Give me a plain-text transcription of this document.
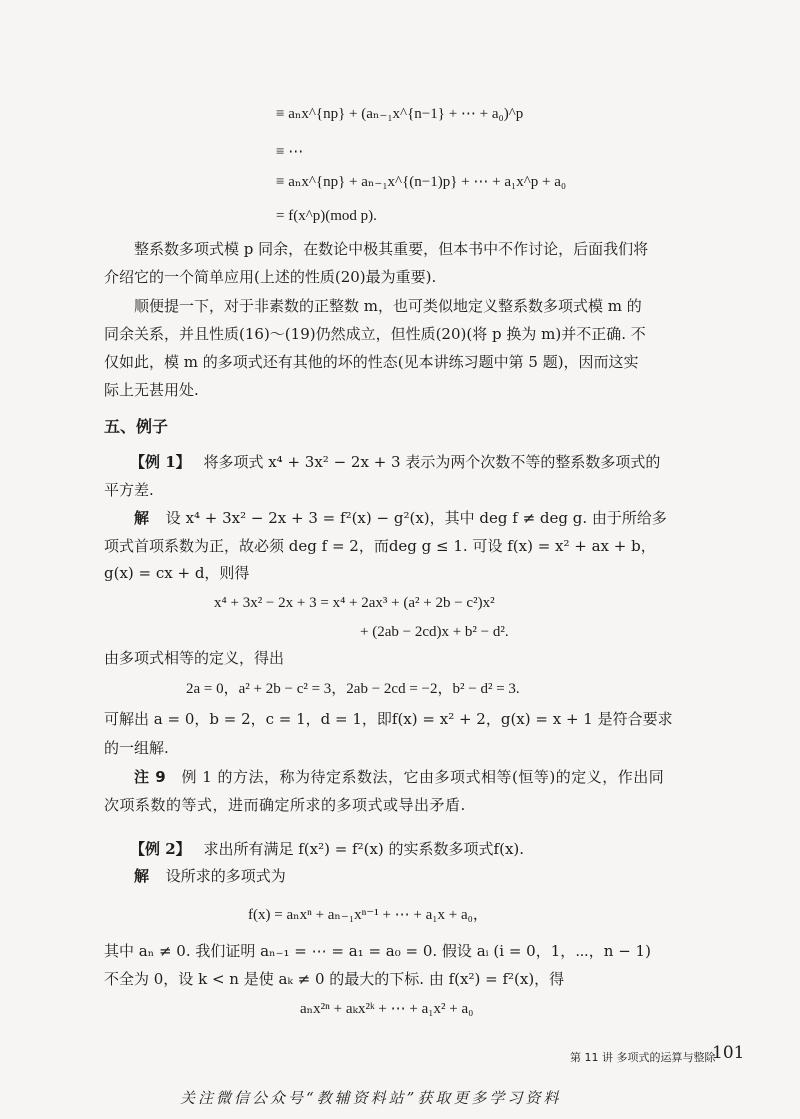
≡ aₙx^{np} + (aₙ₋₁x^{n−1} + ⋯ + a₀)^p
≡ ⋯
≡ aₙx^{np} + aₙ₋₁x^{(n−1)p} + ⋯ + a₁x^p + a₀
= f(x^p)(mod p).
整系数多项式模 p 同余，在数论中极其重要，但本书中不作讨论，后面我们将
介绍它的一个简单应用(上述的性质(20)最为重要).
顺便提一下，对于非素数的正整数 m，也可类似地定义整系数多项式模 m 的
同余关系，并且性质(16)～(19)仍然成立，但性质(20)(将 p 换为 m)并不正确. 不
仅如此，模 m 的多项式还有其他的坏的性态(见本讲练习题中第 5 题)，因而这实
际上无甚用处.
五、例子
【例 1】 将多项式 x⁴ + 3x² − 2x + 3 表示为两个次数不等的整系数多项式的
平方差.
解 设 x⁴ + 3x² − 2x + 3 = f²(x) − g²(x)，其中 deg f ≠ deg g. 由于所给多
项式首项系数为正，故必须 deg f = 2，而deg g ≤ 1. 可设 f(x) = x² + ax + b，
g(x) = cx + d，则得
x⁴ + 3x² − 2x + 3 = x⁴ + 2ax³ + (a² + 2b − c²)x²
+ (2ab − 2cd)x + b² − d².
由多项式相等的定义，得出
2a = 0，a² + 2b − c² = 3，2ab − 2cd = −2，b² − d² = 3.
可解出 a = 0，b = 2，c = 1，d = 1，即f(x) = x² + 2，g(x) = x + 1 是符合要求
的一组解.
注 9 例 1 的方法，称为待定系数法，它由多项式相等(恒等)的定义，作出同
次项系数的等式，进而确定所求的多项式或导出矛盾.
【例 2】 求出所有满足 f(x²) = f²(x) 的实系数多项式f(x).
解 设所求的多项式为
f(x) = aₙxⁿ + aₙ₋₁xⁿ⁻¹ + ⋯ + a₁x + a₀，
其中 aₙ ≠ 0. 我们证明 aₙ₋₁ = ⋯ = a₁ = a₀ = 0. 假设 aᵢ (i = 0，1，⋯，n − 1)
不全为 0，设 k < n 是使 aₖ ≠ 0 的最大的下标. 由 f(x²) = f²(x)，得
aₙx²ⁿ + aₖx²ᵏ + ⋯ + a₁x² + a₀
第 11 讲 多项式的运算与整除
101
关注微信公众号“教辅资料站”获取更多学习资料
